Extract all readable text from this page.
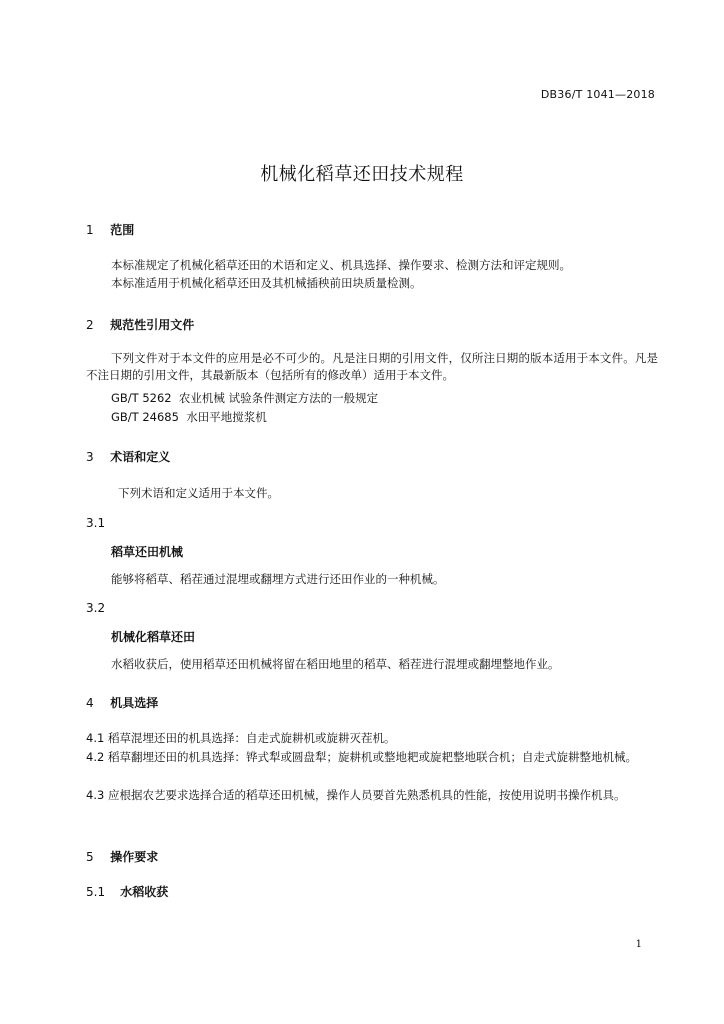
DB36/T 1041—2018
机械化稻草还田技术规程
1 范围
本标准规定了机械化稻草还田的术语和定义、机具选择、操作要求、检测方法和评定规则。
本标准适用于机械化稻草还田及其机械插秧前田块质量检测。
2 规范性引用文件
下列文件对于本文件的应用是必不可少的。凡是注日期的引用文件，仅所注日期的版本适用于本文件。凡是不注日期的引用文件，其最新版本（包括所有的修改单）适用于本文件。
GB/T 5262  农业机械 试验条件测定方法的一般规定
GB/T 24685  水田平地搅浆机
3 术语和定义
下列术语和定义适用于本文件。
3.1
稻草还田机械
能够将稻草、稻茬通过混埋或翻埋方式进行还田作业的一种机械。
3.2
机械化稻草还田
水稻收获后，使用稻草还田机械将留在稻田地里的稻草、稻茬进行混埋或翻埋整地作业。
4 机具选择
4.1 稻草混埋还田的机具选择：自走式旋耕机或旋耕灭茬机。
4.2 稻草翻埋还田的机具选择：铧式犁或圆盘犁；旋耕机或整地耙或旋耙整地联合机；自走式旋耕整地机械。
4.3 应根据农艺要求选择合适的稻草还田机械，操作人员要首先熟悉机具的性能，按使用说明书操作机具。
5 操作要求
5.1 水稻收获
1
